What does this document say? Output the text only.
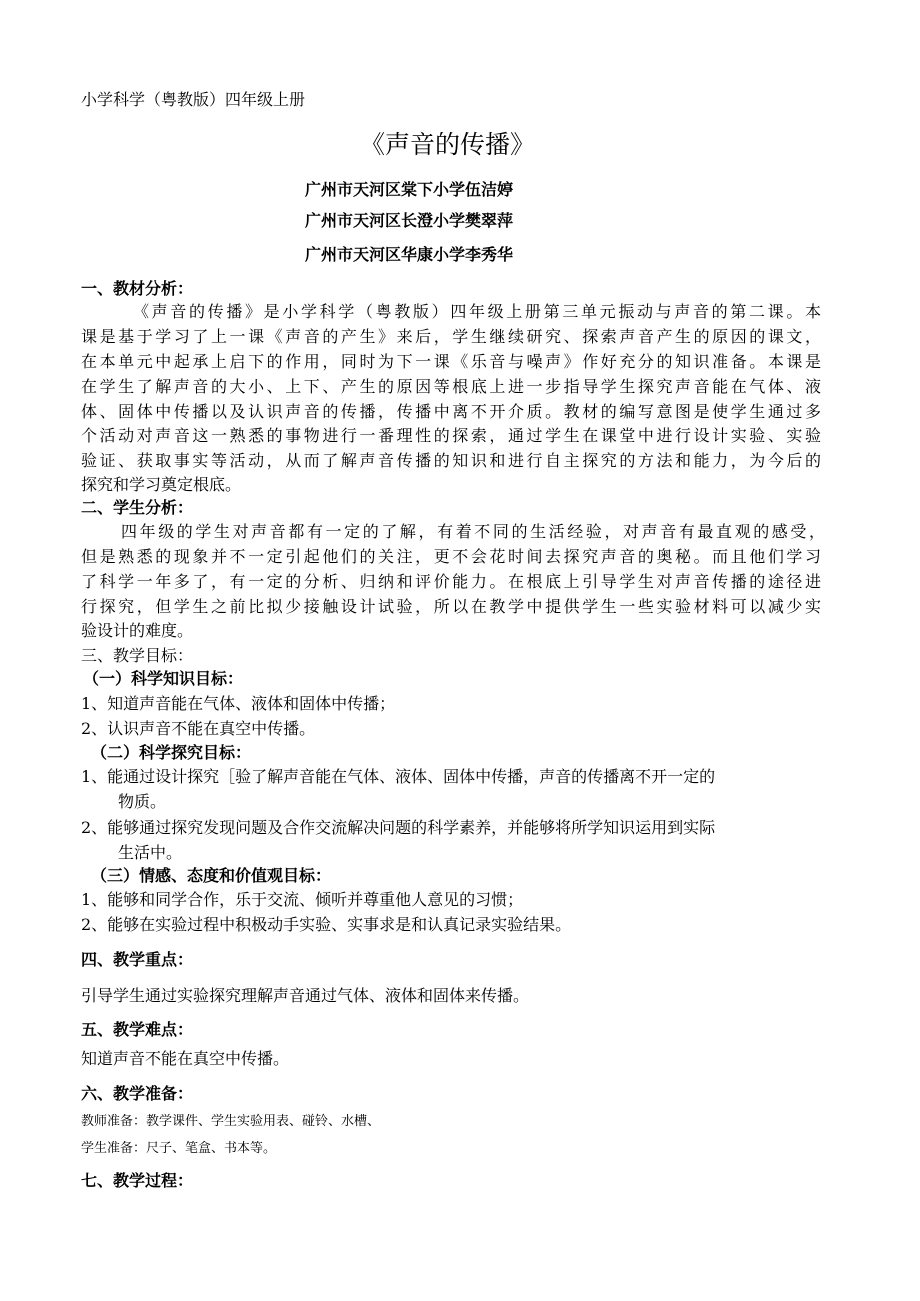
小学科学（粤教版）四年级上册
《声音的传播》
广州市天河区棠下小学伍洁婷
广州市天河区长澄小学樊翠萍
广州市天河区华康小学李秀华
一、教材分析：
《声音的传播》是小学科学（粤教版）四年级上册第三单元振动与声音的第二课。本
课是基于学习了上一课《声音的产生》来后，学生继续研究、探索声音产生的原因的课文，
在本单元中起承上启下的作用，同时为下一课《乐音与噪声》作好充分的知识准备。本课是
在学生了解声音的大小、上下、产生的原因等根底上进一步指导学生探究声音能在气体、液
体、固体中传播以及认识声音的传播，传播中离不开介质。教材的编写意图是使学生通过多
个活动对声音这一熟悉的事物进行一番理性的探索，通过学生在课堂中进行设计实验、实验
验证、获取事实等活动，从而了解声音传播的知识和进行自主探究的方法和能力，为今后的
探究和学习奠定根底。
二、学生分析：
四年级的学生对声音都有一定的了解，有着不同的生活经验，对声音有最直观的感受，
但是熟悉的现象并不一定引起他们的关注，更不会花时间去探究声音的奥秘。而且他们学习
了科学一年多了，有一定的分析、归纳和评价能力。在根底上引导学生对声音传播的途径进
行探究，但学生之前比拟少接触设计试验，所以在教学中提供学生一些实验材料可以减少实
验设计的难度。
三、教学目标：
（一）科学知识目标：
1、知道声音能在气体、液体和固体中传播；
2、认识声音不能在真空中传播。
（二）科学探究目标：
1、能通过设计探究［验了解声音能在气体、液体、固体中传播，声音的传播离不开一定的
物质。
2、能够通过探究发现问题及合作交流解决问题的科学素养，并能够将所学知识运用到实际
生活中。
（三）情感、态度和价值观目标：
1、能够和同学合作，乐于交流、倾听并尊重他人意见的习惯；
2、能够在实验过程中积极动手实验、实事求是和认真记录实验结果。
四、教学重点：
引导学生通过实验探究理解声音通过气体、液体和固体来传播。
五、教学难点：
知道声音不能在真空中传播。
六、教学准备：
教师准备：教学课件、学生实验用表、碰铃、水槽、
学生准备：尺子、笔盒、书本等。
七、教学过程：
